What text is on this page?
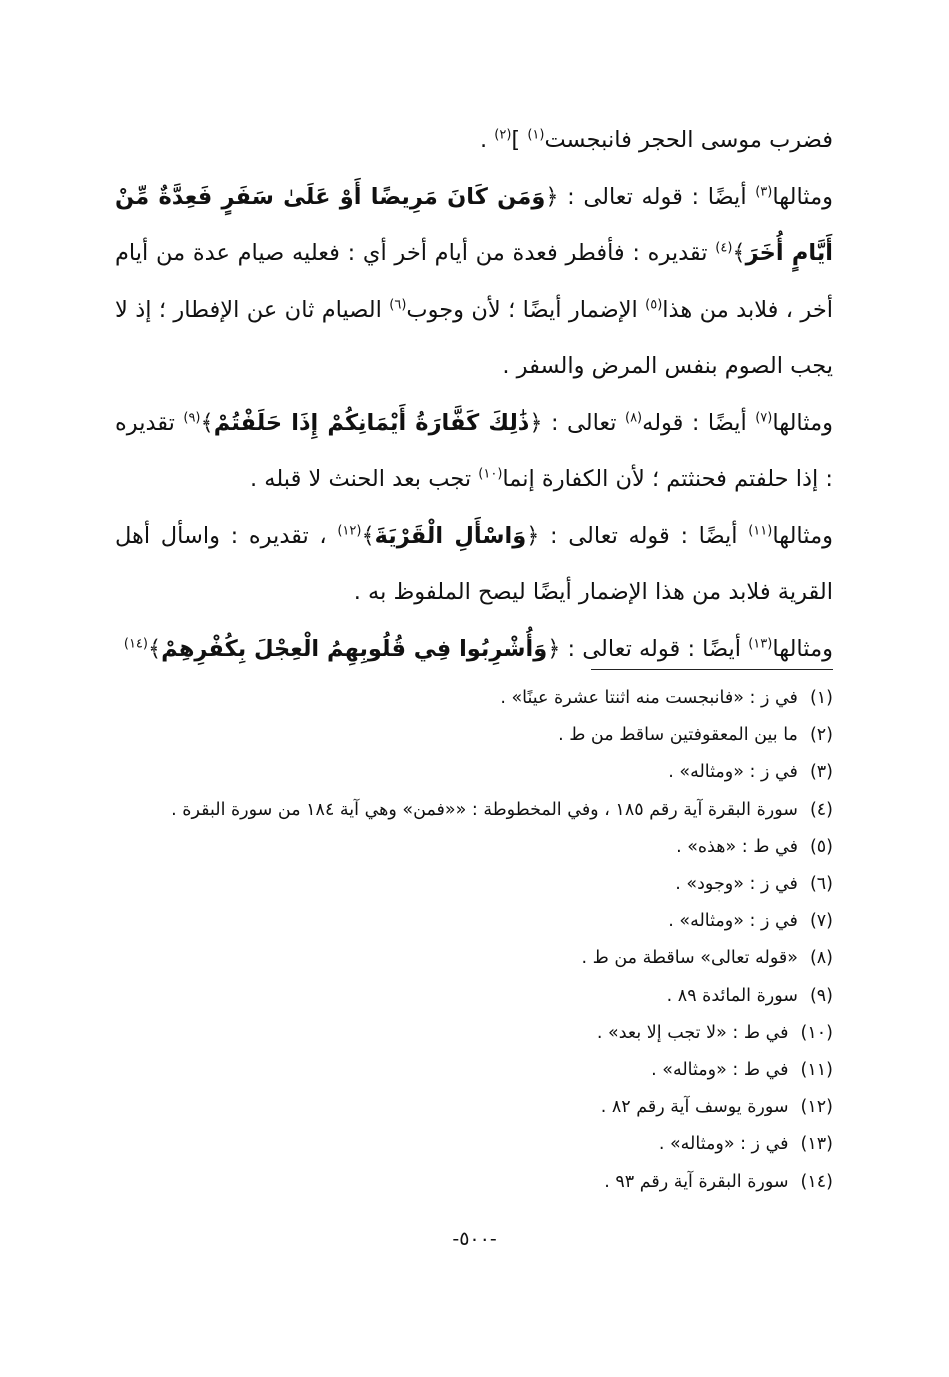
فضرب موسى الحجر فانبجست$^{(١)}$ ]$^{(٢)}$ .

ومثالها$^{(٣)}$ أيضًا : قوله تعالى : ﴿وَمَن كَانَ مَرِيضًا أَوْ عَلَىٰ سَفَرٍ فَعِدَّةٌ مِّنْ أَيَّامٍ أُخَرَ﴾$^{(٤)}$ تقديره : فأفطر فعدة من أيام أخر أي : فعليه صيام عدة من أيام أخر ، فلابد من هذا$^{(٥)}$ الإضمار أيضًا ؛ لأن وجوب$^{(٦)}$ الصيام ثان عن الإفطار ؛ إذ لا يجب الصوم بنفس المرض والسفر .

ومثالها$^{(٧)}$ أيضًا : قوله$^{(٨)}$ تعالى : ﴿ذَٰلِكَ كَفَّارَةُ أَيْمَانِكُمْ إِذَا حَلَفْتُمْ﴾$^{(٩)}$ تقديره : إذا حلفتم فحنثتم ؛ لأن الكفارة إنما$^{(١٠)}$ تجب بعد الحنث لا قبله .

ومثالها$^{(١١)}$ أيضًا : قوله تعالى : ﴿وَاسْأَلِ الْقَرْيَةَ﴾$^{(١٢)}$ ، تقديره : واسأل أهل القرية فلابد من هذا الإضمار أيضًا ليصح الملفوظ به .

ومثالها$^{(١٣)}$ أيضًا : قوله تعالى : ﴿وَأُشْرِبُوا فِي قُلُوبِهِمُ الْعِجْلَ بِكُفْرِهِمْ﴾$^{(١٤)}$

(١)في ز : «فانبجست منه اثنتا عشرة عينًا» .
(٢)ما بين المعقوفتين ساقط من ط .
(٣)في ز : «ومثاله» .
(٤)سورة البقرة آية رقم ١٨٥ ، وفي المخطوطة : ««فمن» وهي آية ١٨٤ من سورة البقرة .
(٥)في ط : «هذه» .
(٦)في ز : «وجود» .
(٧)في ز : «ومثاله» .
(٨)«قوله تعالى» ساقطة من ط .
(٩)سورة المائدة ٨٩ .
(١٠)في ط : «لا تجب إلا بعد» .
(١١)في ط : «ومثاله» .
(١٢)سورة يوسف آية رقم ٨٢ .
(١٣)في ز : «ومثاله» .
(١٤)سورة البقرة آية رقم ٩٣ .
-٥٠٠-
